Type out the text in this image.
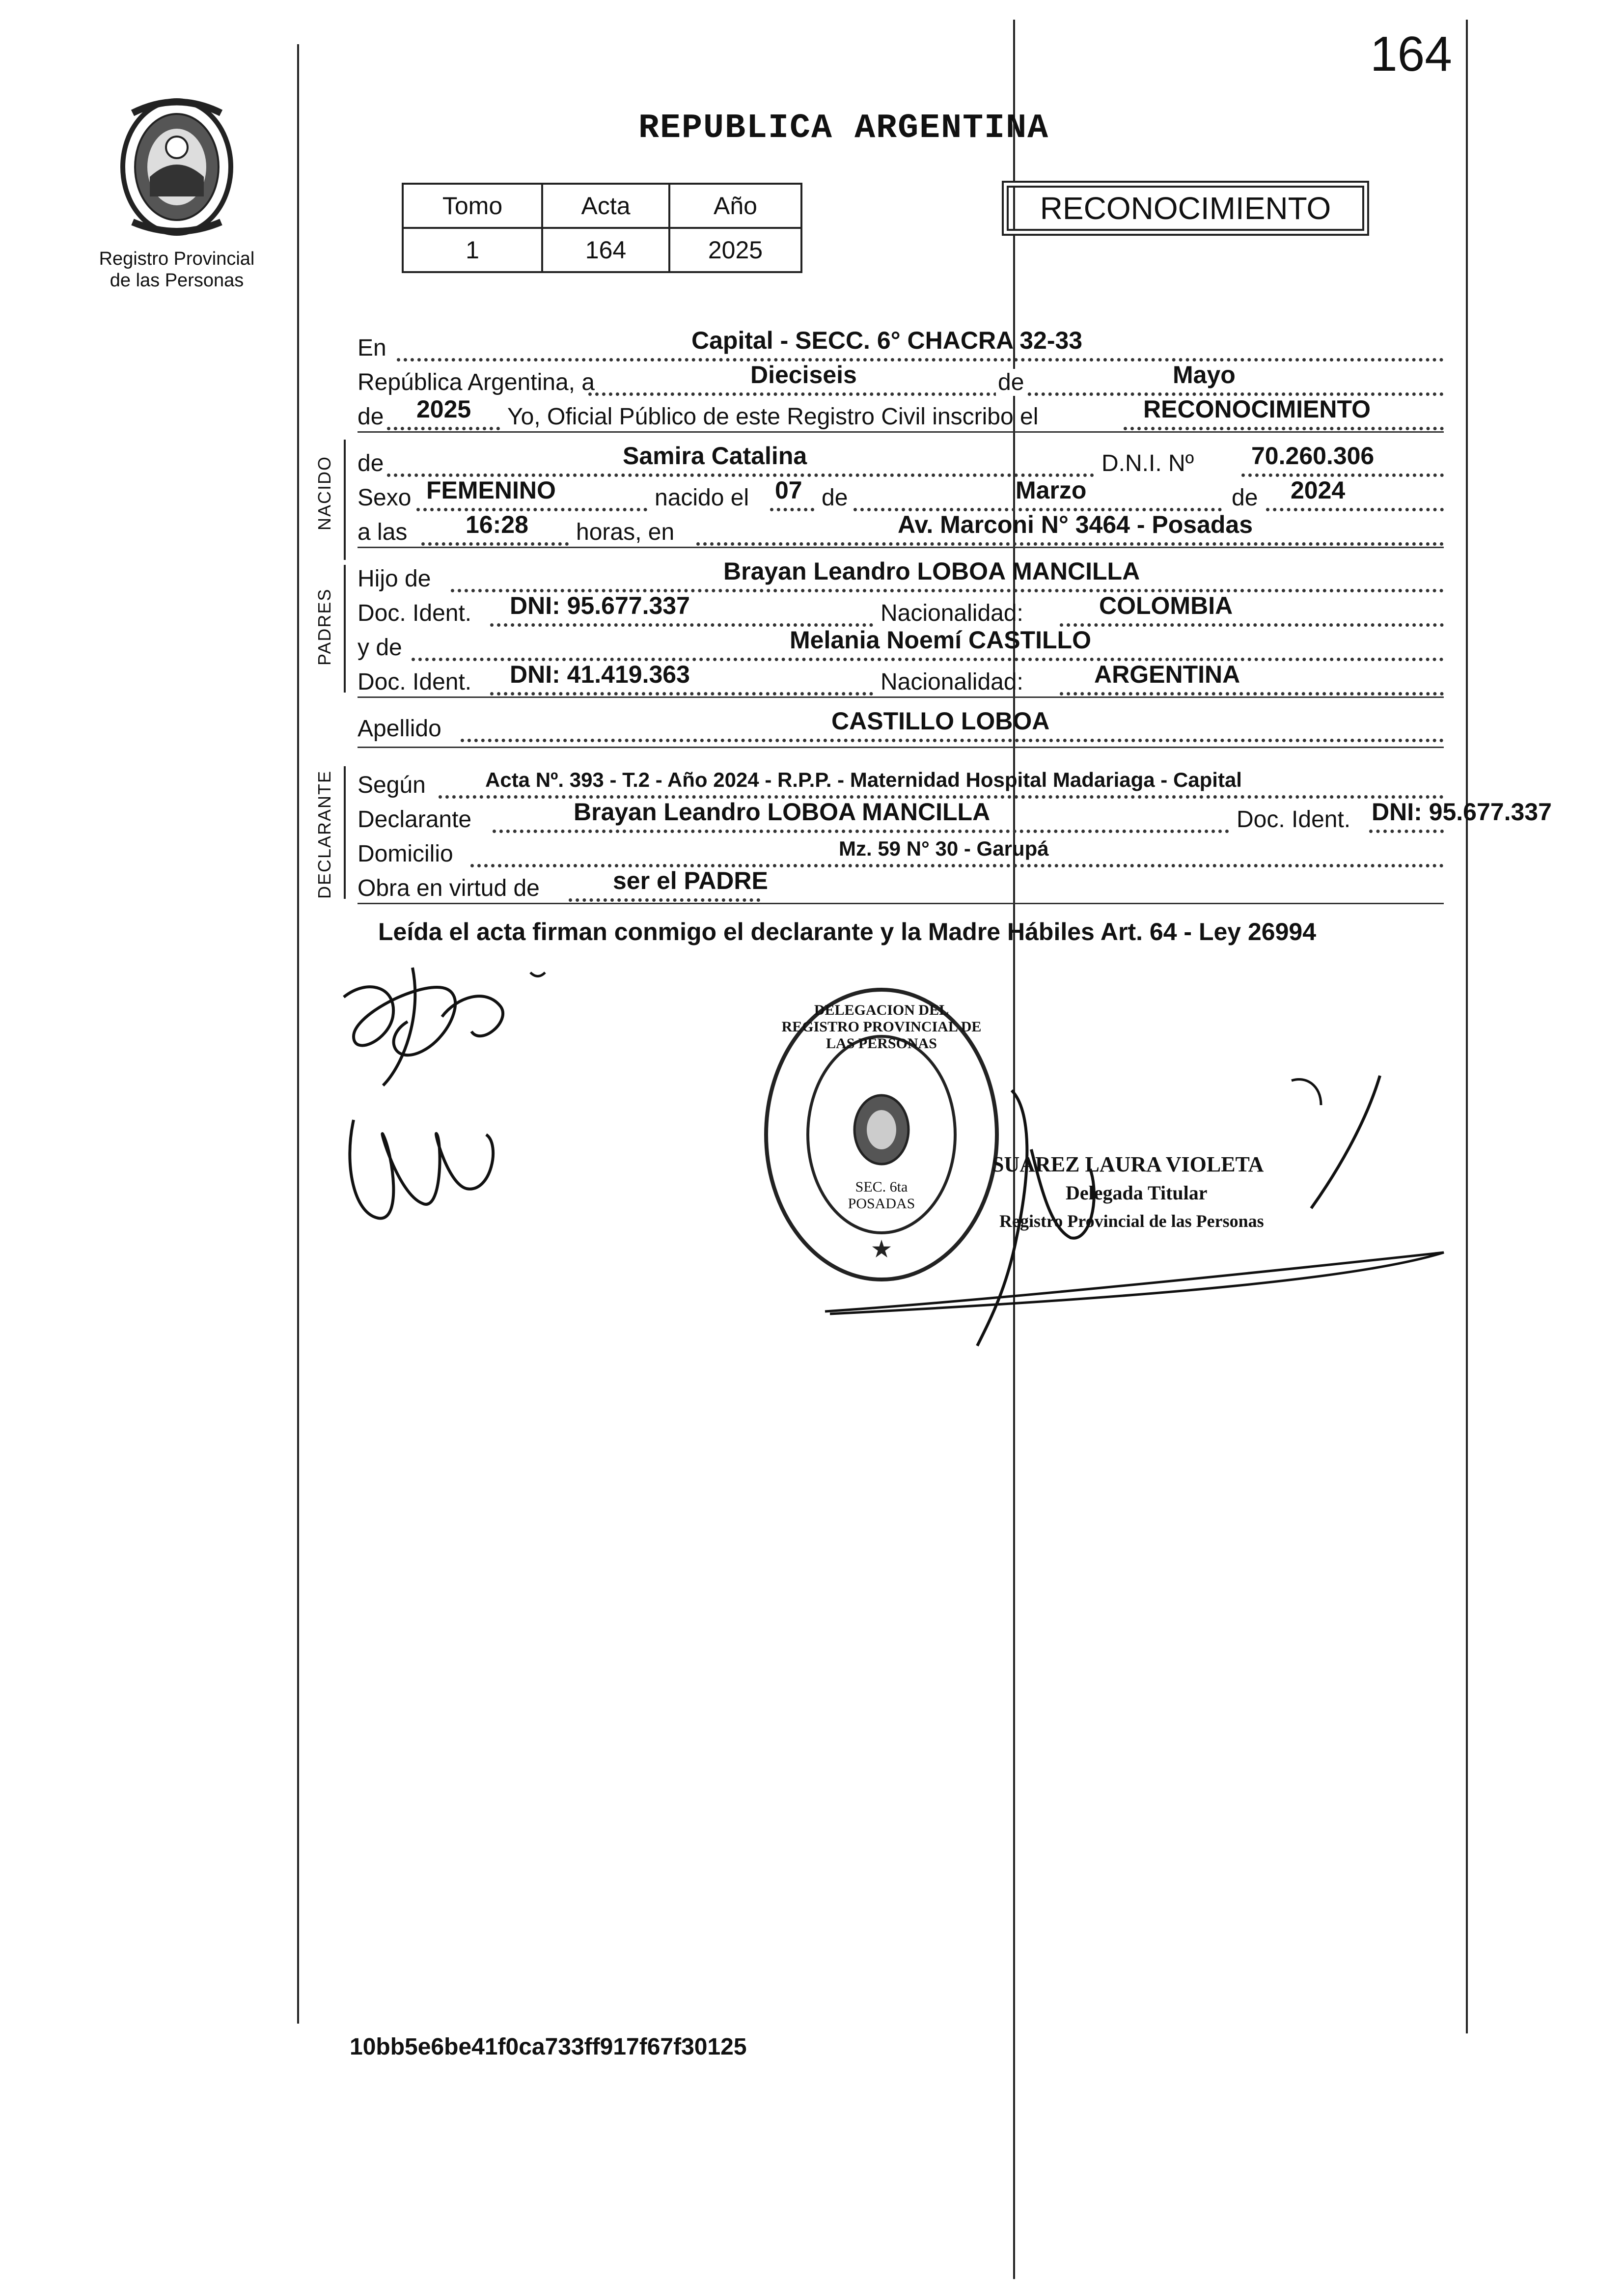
164
Registro Provincial
de las Personas
REPUBLICA ARGENTINA
Tomo	Acta	Año
1	164	2025
RECONOCIMIENTO
NACIDO
PADRES
DECLARANTE
En	Capital - SECC. 6° CHACRA 32-33
República Argentina, a	Dieciseis	de	Mayo
de 2025 Yo, Oficial Público de este Registro Civil inscribo el	RECONOCIMIENTO
de	Samira Catalina	D.N.I. Nº 70.260.306
Sexo FEMENINO	nacido el 07 de	Marzo	de 2024
a las 16:28 horas, en	Av. Marconi N° 3464 - Posadas
Hijo de	Brayan Leandro LOBOA MANCILLA
Doc. Ident. DNI: 95.677.337	Nacionalidad:	COLOMBIA
y de	Melania Noemí CASTILLO
Doc. Ident. DNI: 41.419.363	Nacionalidad:	ARGENTINA
Apellido	CASTILLO LOBOA
Según	Acta Nº. 393 - T.2 - Año 2024 - R.P.P. - Maternidad Hospital Madariaga - Capital
Declarante	Brayan Leandro LOBOA MANCILLA	Doc. Ident. DNI: 95.677.337
Domicilio	Mz. 59 N° 30 - Garupá
Obra en virtud de	ser el PADRE
Leída el acta firman conmigo el declarante y la Madre Hábiles Art. 64 - Ley 26994
★
DELEGACION DEL REGISTRO PROVINCIAL DE LAS PERSONAS
SEC. 6ta POSADAS
SUAREZ LAURA VIOLETA
Delegada Titular
Registro Provincial de las Personas
10bb5e6be41f0ca733ff917f67f30125
